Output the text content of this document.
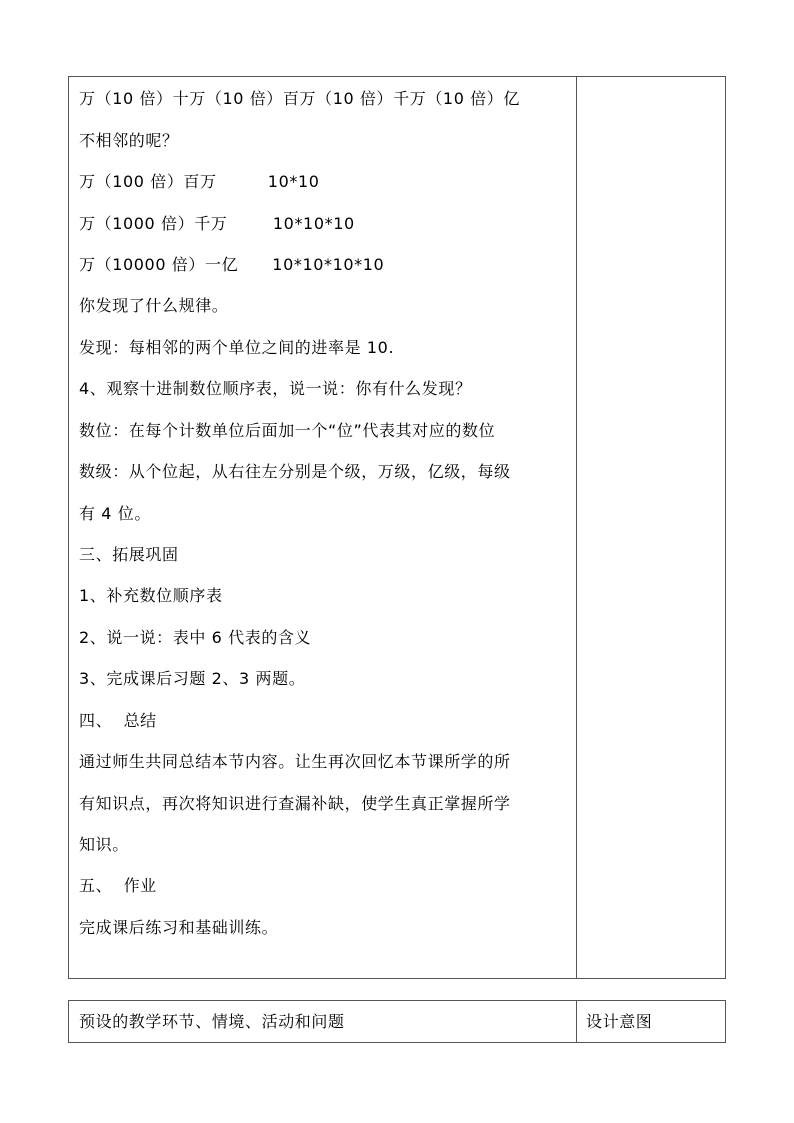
万（10 倍）十万（10 倍）百万（10 倍）千万（10 倍）亿
不相邻的呢？
万（100 倍）百万         10*10
万（1000 倍）千万        10*10*10
万（10000 倍）一亿      10*10*10*10
你发现了什么规律。
发现：每相邻的两个单位之间的进率是 10.
4、观察十进制数位顺序表，说一说：你有什么发现？
数位：在每个计数单位后面加一个“位”代表其对应的数位
数级：从个位起，从右往左分别是个级，万级，亿级，每级
有 4 位。
三、拓展巩固
1、补充数位顺序表
2、说一说：表中 6 代表的含义
3、完成课后习题 2、3 两题。
四、  总结
通过师生共同总结本节内容。让生再次回忆本节课所学的所
有知识点，再次将知识进行查漏补缺，使学生真正掌握所学
知识。
五、  作业
完成课后练习和基础训练。
预设的教学环节、情境、活动和问题	设计意图
